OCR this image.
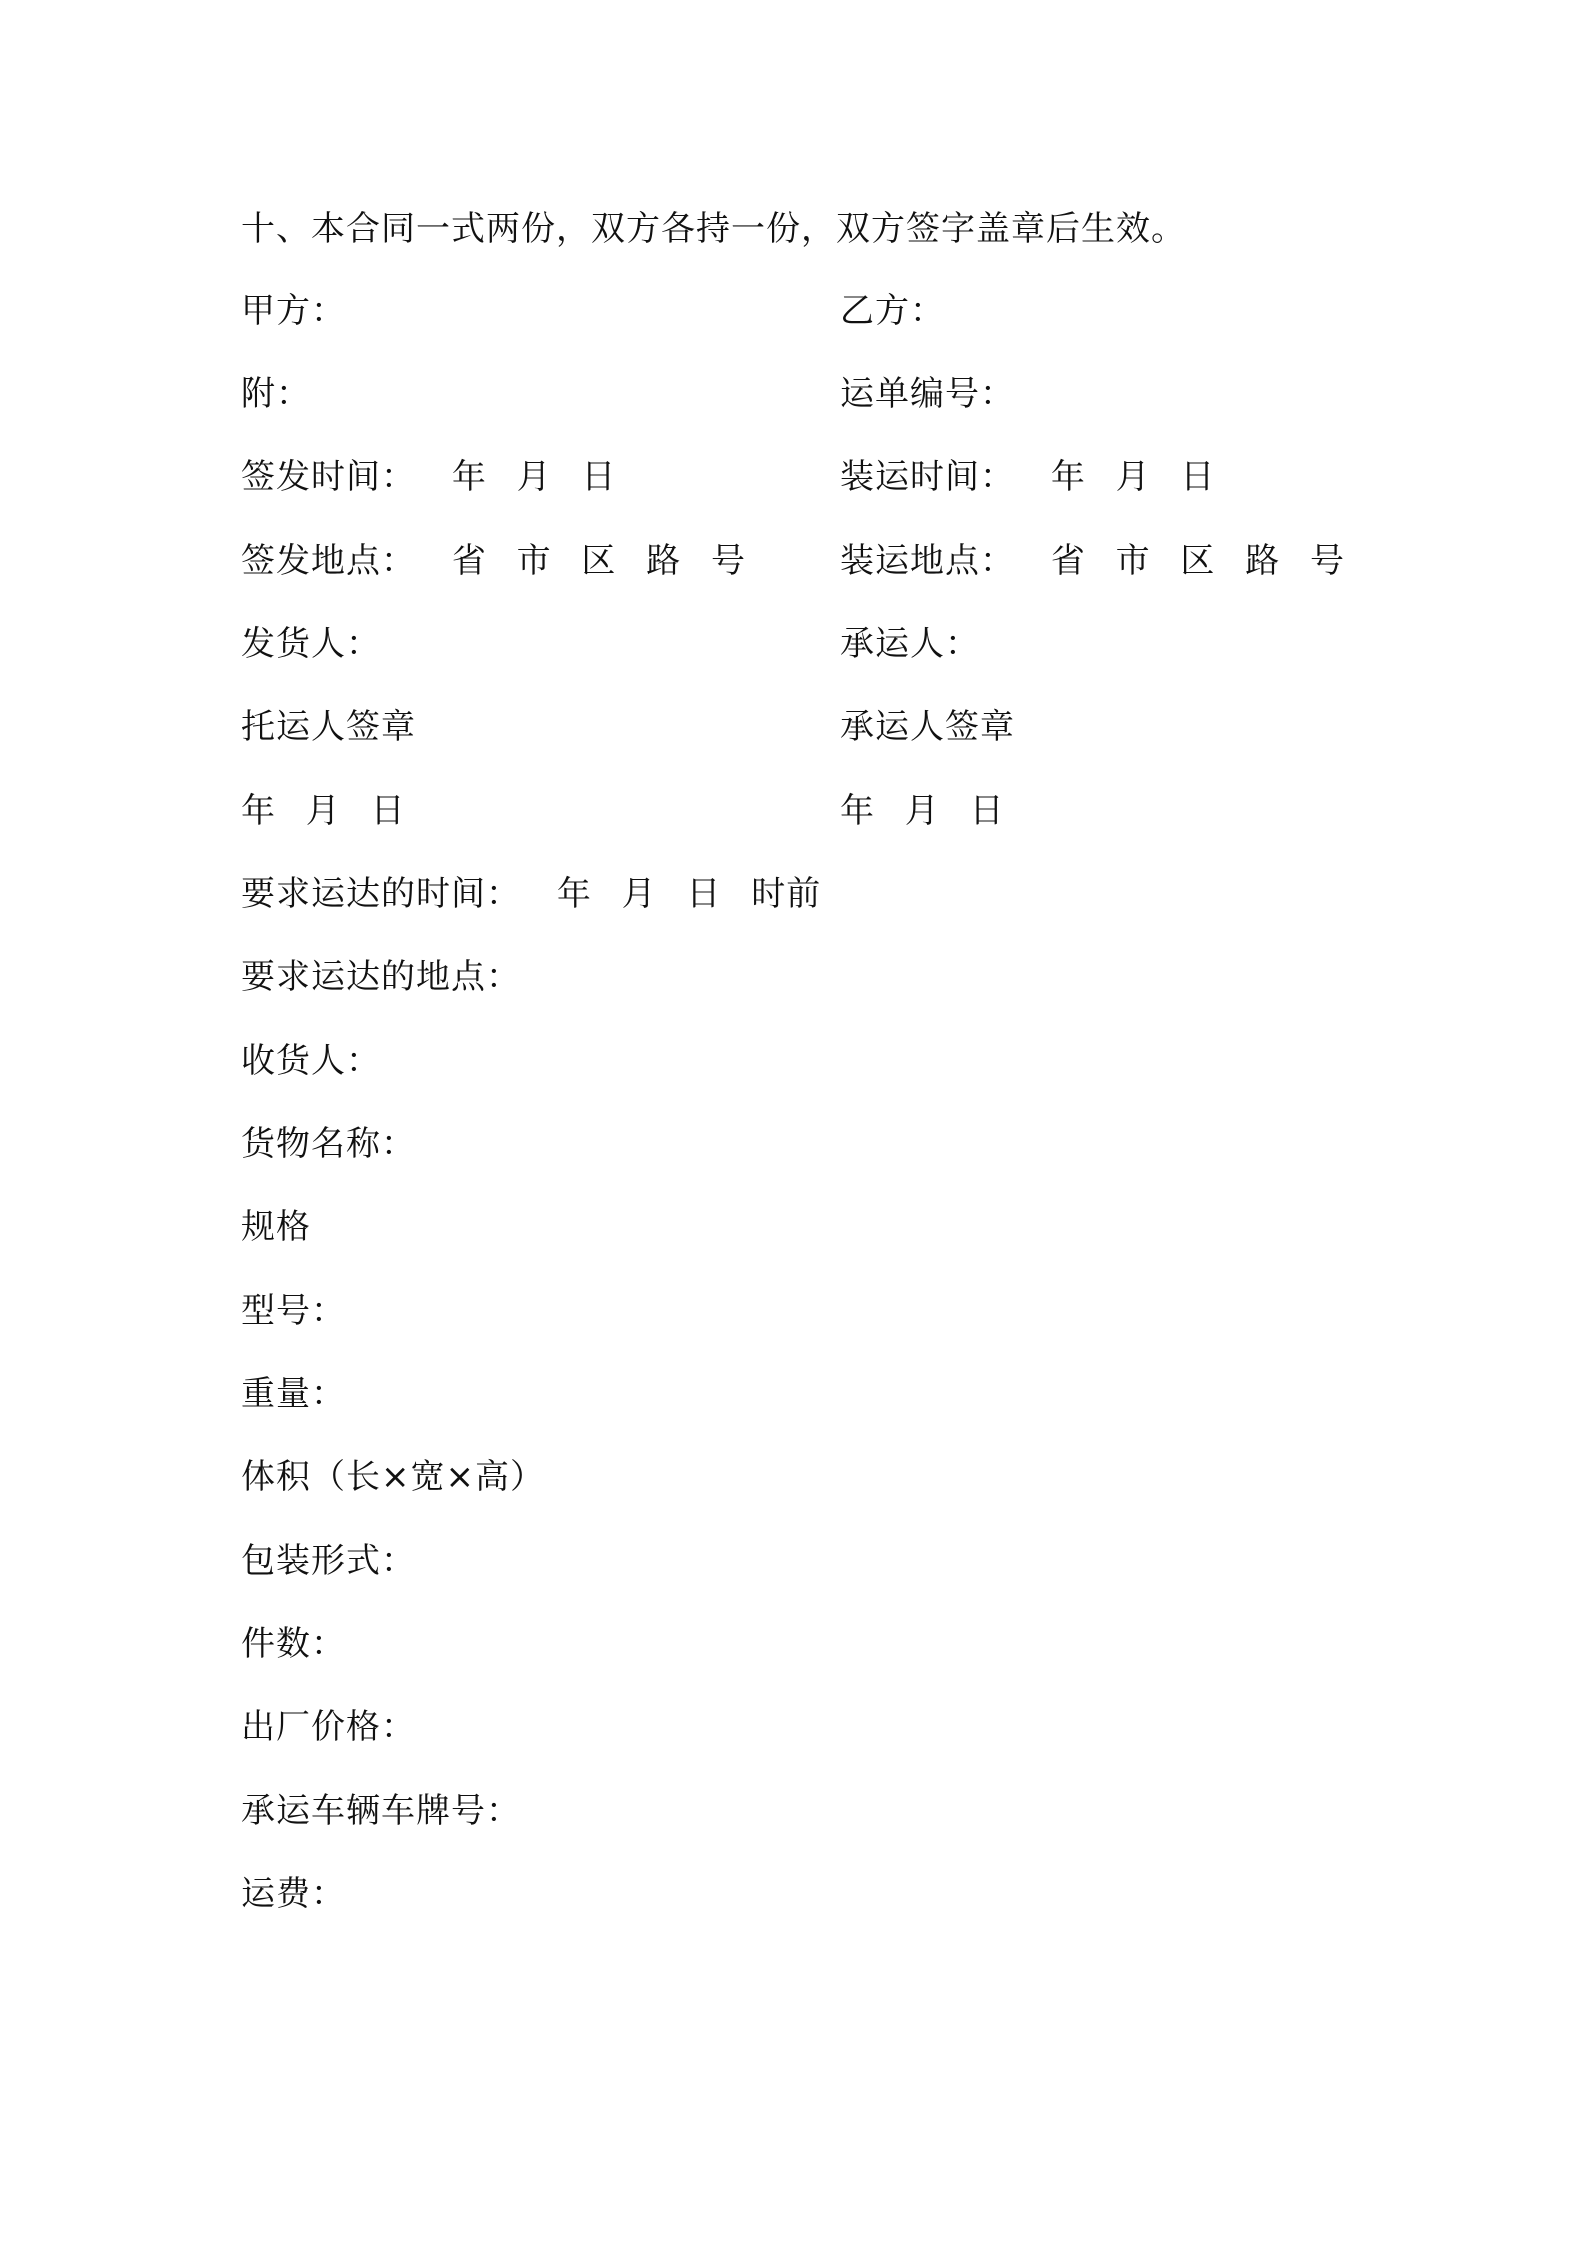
十、本合同一式两份，双方各持一份，双方签字盖章后生效。
甲方：	乙方：
附：	运单编号：
签发时间： 年 月 日	装运时间： 年 月 日
签发地点： 省 市 区 路 号	装运地点： 省 市 区 路 号
发货人：	承运人：
托运人签章	承运人签章
年 月 日	年 月 日
要求运达的时间： 年 月 日 时前
要求运达的地点：
收货人：
货物名称：
规格
型号：
重量：
体积（长×宽×高）
包装形式：
件数：
出厂价格：
承运车辆车牌号：
运费：
